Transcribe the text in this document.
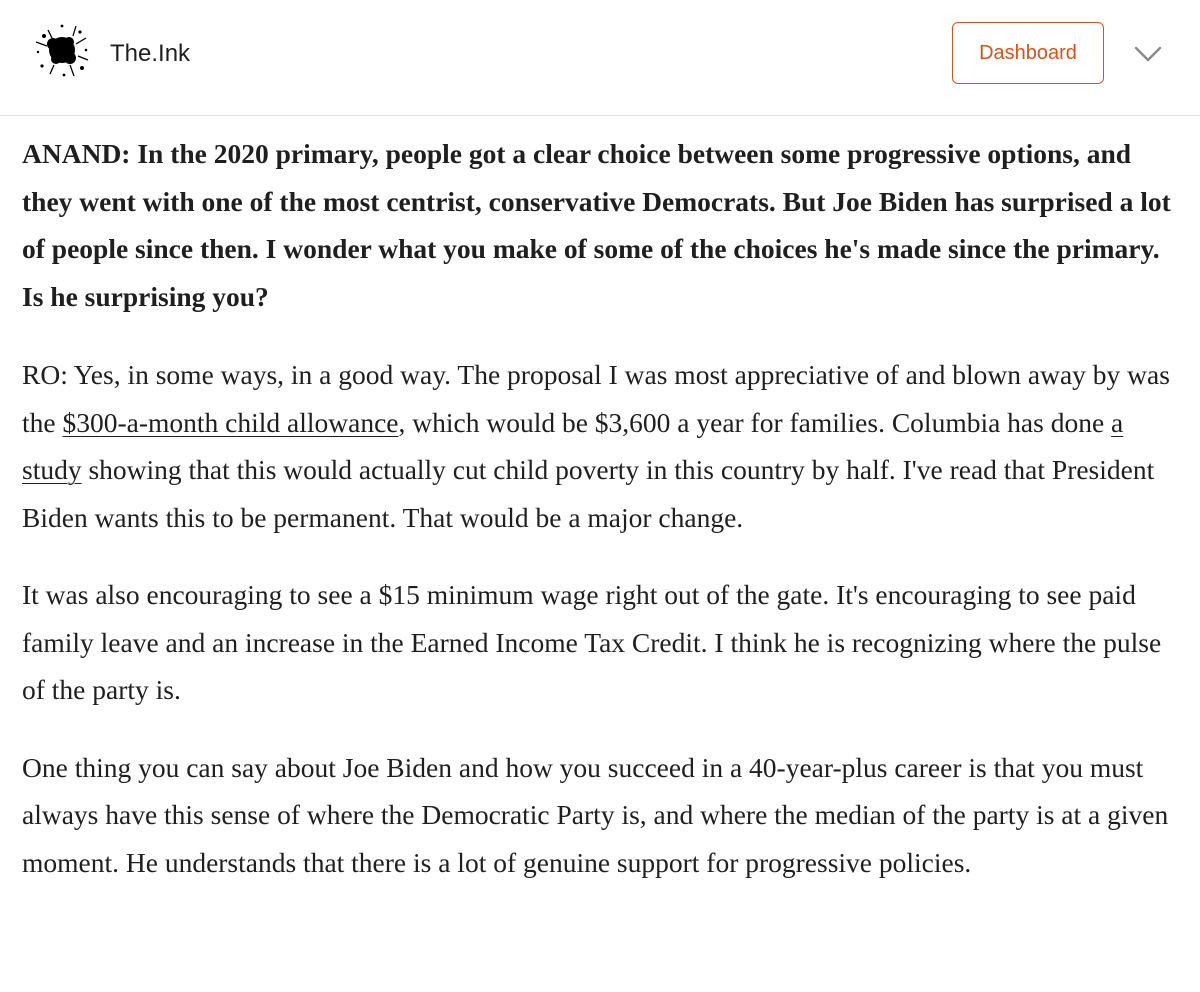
The.Ink	Dashboard

ANAND: In the 2020 primary, people got a clear choice between some progressive options, and they went with one of the most centrist, conservative Democrats. But Joe Biden has surprised a lot of people since then. I wonder what you make of some of the choices he's made since the primary. Is he surprising you?

RO: Yes, in some ways, in a good way. The proposal I was most appreciative of and blown away by was the $300-a-month child allowance, which would be $3,600 a year for families. Columbia has done a study showing that this would actually cut child poverty in this country by half. I've read that President Biden wants this to be permanent. That would be a major change.

It was also encouraging to see a $15 minimum wage right out of the gate. It's encouraging to see paid family leave and an increase in the Earned Income Tax Credit. I think he is recognizing where the pulse of the party is.

One thing you can say about Joe Biden and how you succeed in a 40-year-plus career is that you must always have this sense of where the Democratic Party is, and where the median of the party is at a given moment. He understands that there is a lot of genuine support for progressive policies.
